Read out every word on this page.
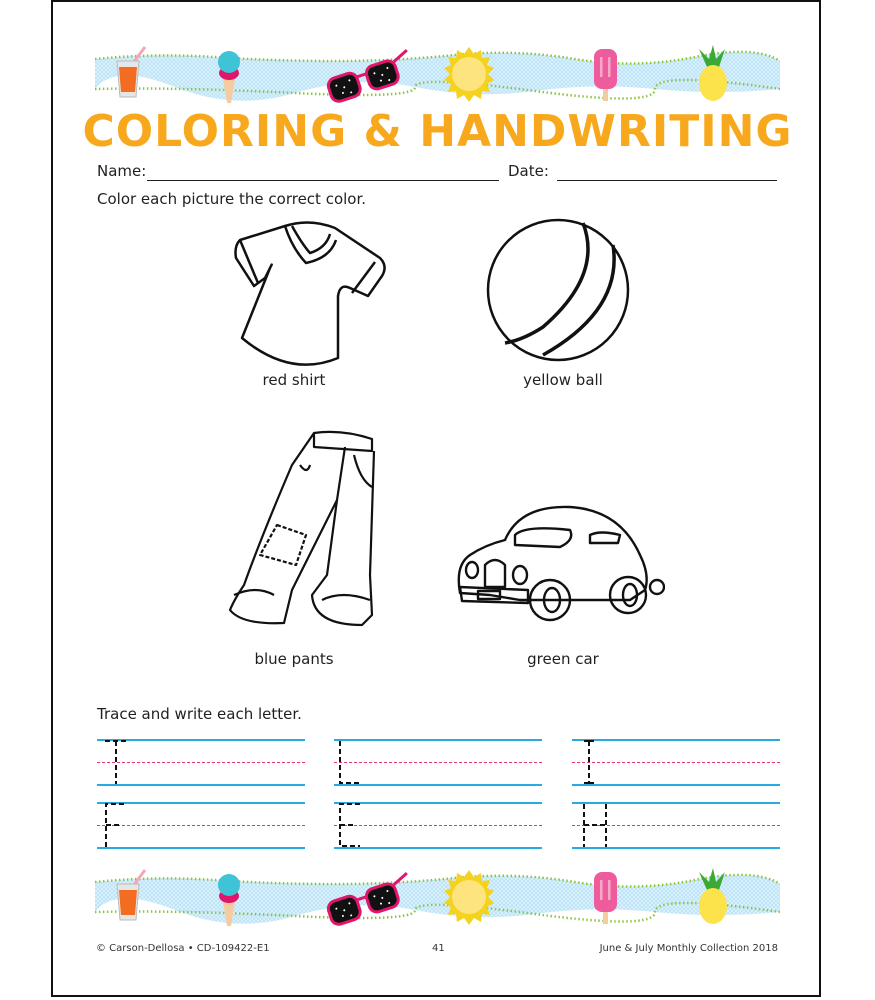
COLORING & HANDWRITING
Name:	Date:
Color each picture the correct color.
red shirt	yellow ball
blue pants	green car
Trace and write each letter.
© Carson-Dellosa • CD-109422-E1	41	June & July Monthly Collection 2018
